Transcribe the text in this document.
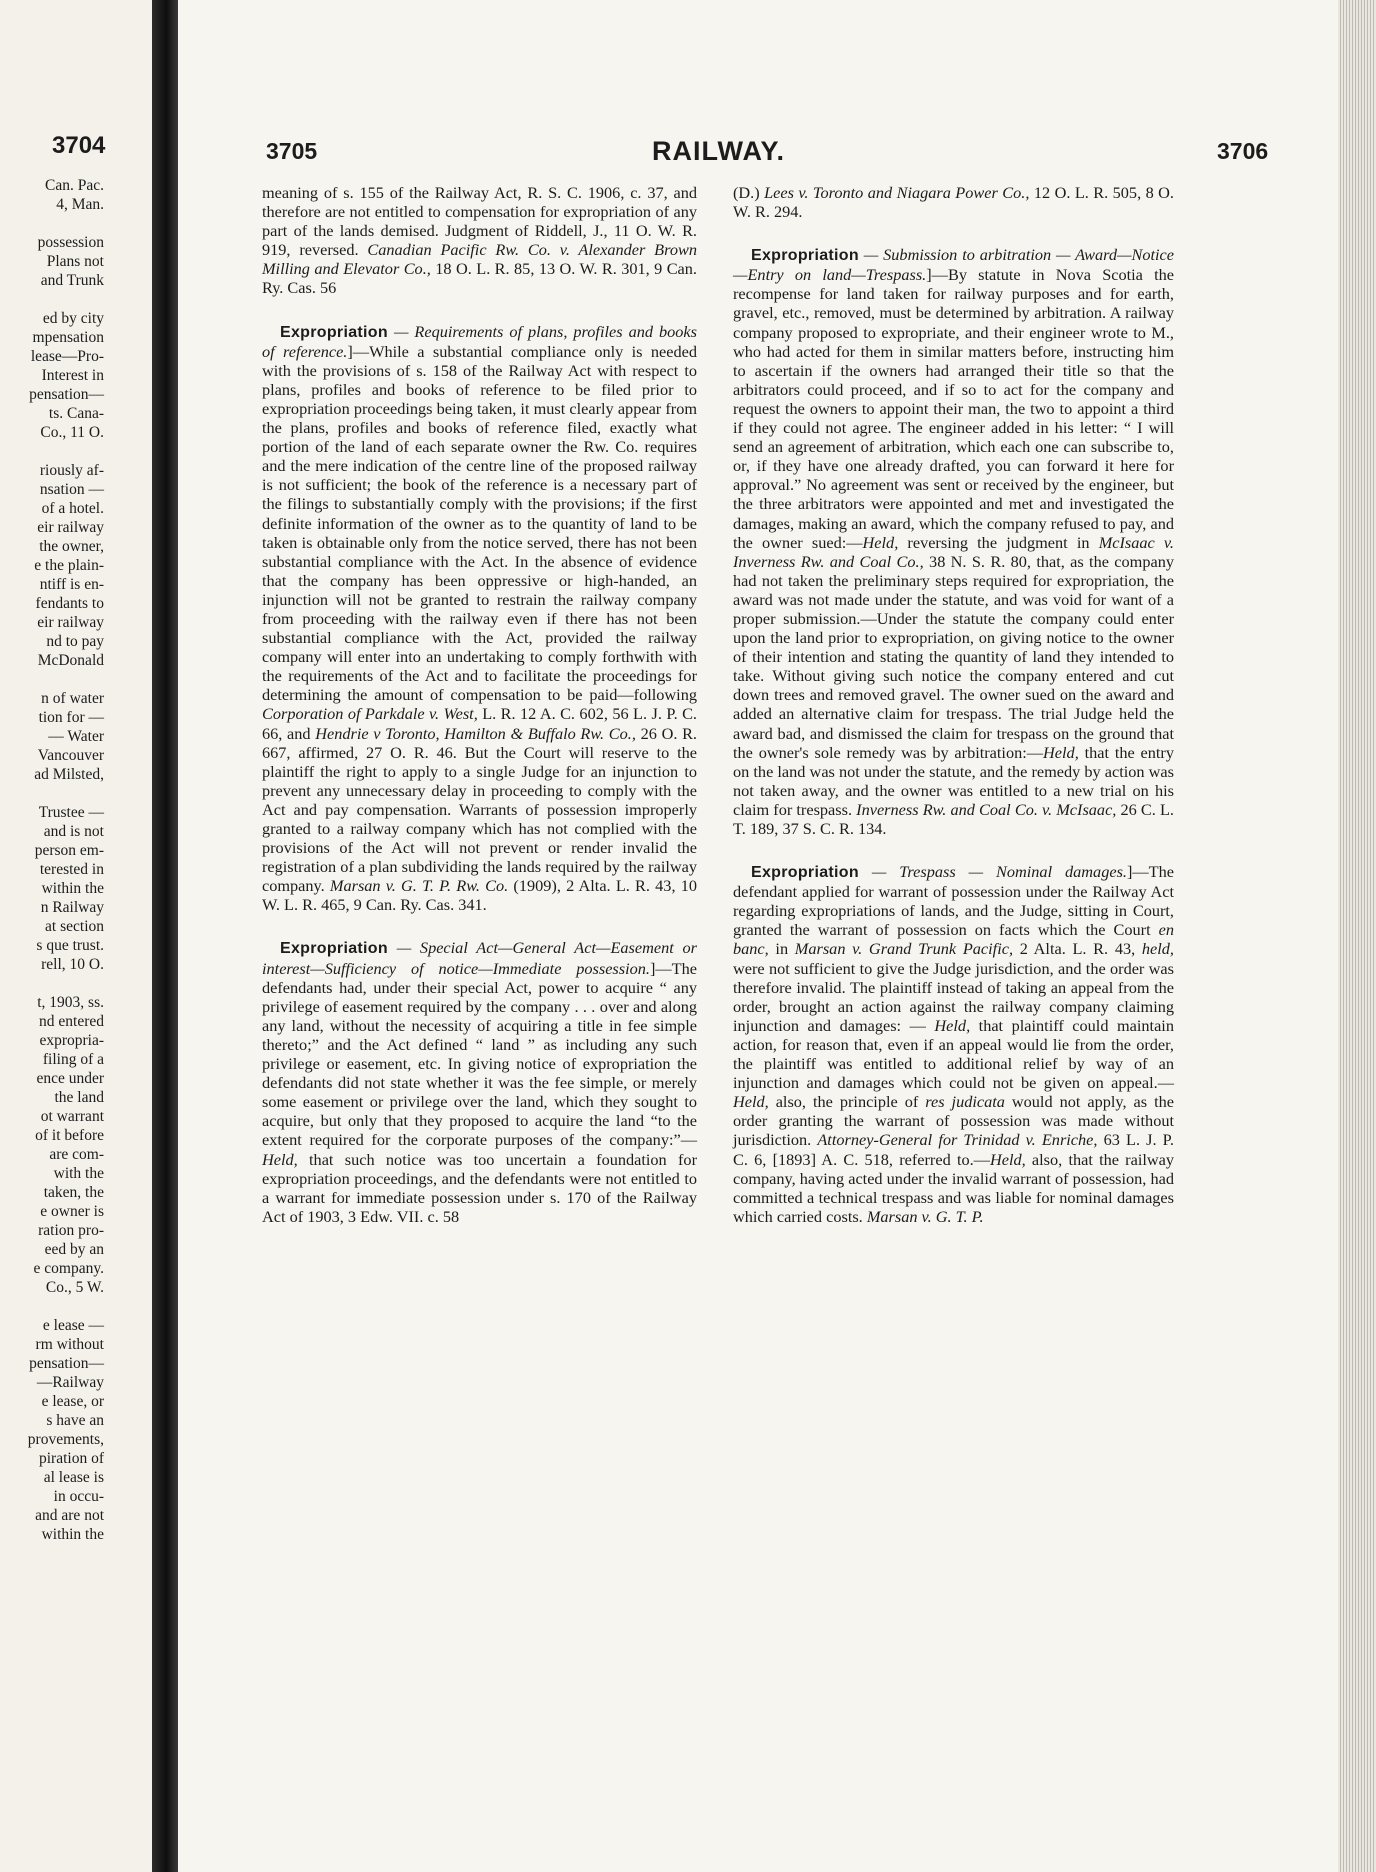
3704
Can. Pac.
4, Man.
possession
Plans not
and Trunk
ed by city
mpensation
lease—Pro-
Interest in
pensation—
ts. Cana-
Co., 11 O.
riously af-
nsation —
of a hotel.
eir railway
the owner,
e the plain-
ntiff is en-
fendants to
eir railway
nd to pay
McDonald
n of water
tion for —
— Water
Vancouver
ad Milsted,
Trustee —
and is not
person em-
terested in
within the
n Railway
at section
s que trust.
rell, 10 O.
t, 1903, ss.
nd entered
expropria-
filing of a
ence under
the land
ot warrant
of it before
are com-
with the
taken, the
e owner is
ration pro-
eed by an
e company.
Co., 5 W.
e lease —
rm without
pensation—
—Railway
e lease, or
s have an
provements,
piration of
al lease is
in occu-
and are not
within the
3705	RAILWAY.	3706

meaning of s. 155 of the Railway Act, R. S. C. 1906, c. 37, and therefore are not entitled to compensation for expropriation of any part of the lands demised. Judgment of Riddell, J., 11 O. W. R. 919, reversed. Canadian Pacific Rw. Co. v. Alexander Brown Milling and Elevator Co., 18 O. L. R. 85, 13 O. W. R. 301, 9 Can. Ry. Cas. 56

Expropriation — Requirements of plans, profiles and books of reference.]—While a substantial compliance only is needed with the provisions of s. 158 of the Railway Act with respect to plans, profiles and books of reference to be filed prior to expropriation proceedings being taken, it must clearly appear from the plans, profiles and books of reference filed, exactly what portion of the land of each separate owner the Rw. Co. requires and the mere indication of the centre line of the proposed railway is not sufficient; the book of the reference is a necessary part of the filings to substantially comply with the provisions; if the first definite information of the owner as to the quantity of land to be taken is obtainable only from the notice served, there has not been substantial compliance with the Act. In the absence of evidence that the company has been oppressive or high-handed, an injunction will not be granted to restrain the railway company from proceeding with the railway even if there has not been substantial compliance with the Act, provided the railway company will enter into an undertaking to comply forthwith with the requirements of the Act and to facilitate the proceedings for determining the amount of compensation to be paid—following Corporation of Parkdale v. West, L. R. 12 A. C. 602, 56 L. J. P. C. 66, and Hendrie v Toronto, Hamilton & Buffalo Rw. Co., 26 O. R. 667, affirmed, 27 O. R. 46. But the Court will reserve to the plaintiff the right to apply to a single Judge for an injunction to prevent any unnecessary delay in proceeding to comply with the Act and pay compensation. Warrants of possession improperly granted to a railway company which has not complied with the provisions of the Act will not prevent or render invalid the registration of a plan subdividing the lands required by the railway company. Marsan v. G. T. P. Rw. Co. (1909), 2 Alta. L. R. 43, 10 W. L. R. 465, 9 Can. Ry. Cas. 341.

Expropriation — Special Act—General Act—Easement or interest—Sufficiency of notice—Immediate possession.]—The defendants had, under their special Act, power to acquire “ any privilege of easement required by the company . . . over and along any land, without the necessity of acquiring a title in fee simple thereto;” and the Act defined “ land ” as including any such privilege or easement, etc. In giving notice of expropriation the defendants did not state whether it was the fee simple, or merely some easement or privilege over the land, which they sought to acquire, but only that they proposed to acquire the land “to the extent required for the corporate purposes of the company:”—Held, that such notice was too uncertain a foundation for expropriation proceedings, and the defendants were not entitled to a warrant for immediate possession under s. 170 of the Railway Act of 1903, 3 Edw. VII. c. 58

(D.) Lees v. Toronto and Niagara Power Co., 12 O. L. R. 505, 8 O. W. R. 294.

Expropriation — Submission to arbitration — Award—Notice—Entry on land—Trespass.]—By statute in Nova Scotia the recompense for land taken for railway purposes and for earth, gravel, etc., removed, must be determined by arbitration. A railway company proposed to expropriate, and their engineer wrote to M., who had acted for them in similar matters before, instructing him to ascertain if the owners had arranged their title so that the arbitrators could proceed, and if so to act for the company and request the owners to appoint their man, the two to appoint a third if they could not agree. The engineer added in his letter: “ I will send an agreement of arbitration, which each one can subscribe to, or, if they have one already drafted, you can forward it here for approval.” No agreement was sent or received by the engineer, but the three arbitrators were appointed and met and investigated the damages, making an award, which the company refused to pay, and the owner sued:—Held, reversing the judgment in McIsaac v. Inverness Rw. and Coal Co., 38 N. S. R. 80, that, as the company had not taken the preliminary steps required for expropriation, the award was not made under the statute, and was void for want of a proper submission.—Under the statute the company could enter upon the land prior to expropriation, on giving notice to the owner of their intention and stating the quantity of land they intended to take. Without giving such notice the company entered and cut down trees and removed gravel. The owner sued on the award and added an alternative claim for trespass. The trial Judge held the award bad, and dismissed the claim for trespass on the ground that the owner's sole remedy was by arbitration:—Held, that the entry on the land was not under the statute, and the remedy by action was not taken away, and the owner was entitled to a new trial on his claim for trespass. Inverness Rw. and Coal Co. v. McIsaac, 26 C. L. T. 189, 37 S. C. R. 134.

Expropriation — Trespass — Nominal damages.]—The defendant applied for warrant of possession under the Railway Act regarding expropriations of lands, and the Judge, sitting in Court, granted the warrant of possession on facts which the Court en banc, in Marsan v. Grand Trunk Pacific, 2 Alta. L. R. 43, held, were not sufficient to give the Judge jurisdiction, and the order was therefore invalid. The plaintiff instead of taking an appeal from the order, brought an action against the railway company claiming injunction and damages: — Held, that plaintiff could maintain action, for reason that, even if an appeal would lie from the order, the plaintiff was entitled to additional relief by way of an injunction and damages which could not be given on appeal.—Held, also, the principle of res judicata would not apply, as the order granting the warrant of possession was made without jurisdiction. Attorney-General for Trinidad v. Enriche, 63 L. J. P. C. 6, [1893] A. C. 518, referred to.—Held, also, that the railway company, having acted under the invalid warrant of possession, had committed a technical trespass and was liable for nominal damages which carried costs. Marsan v. G. T. P.
